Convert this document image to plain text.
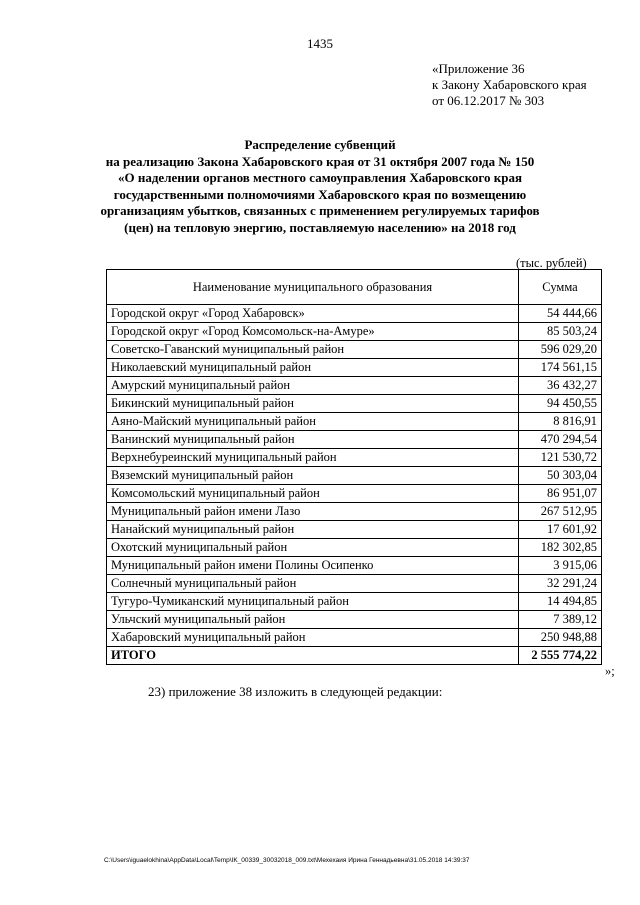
1435
«Приложение 36
к Закону Хабаровского края
от 06.12.2017 № 303
Распределение субвенций
на реализацию Закона Хабаровского края от 31 октября 2007 года № 150
«О наделении органов местного самоуправления Хабаровского края
государственными полномочиями Хабаровского края по возмещению
организациям убытков, связанных с применением регулируемых тарифов
(цен) на тепловую энергию, поставляемую населению» на 2018 год
(тыс. рублей)
Наименование муниципального образования	Сумма
Городской округ «Город Хабаровск»	54 444,66
Городской округ «Город Комсомольск-на-Амуре»	85 503,24
Советско-Гаванский муниципальный район	596 029,20
Николаевский муниципальный район	174 561,15
Амурский муниципальный район	36 432,27
Бикинский муниципальный район	94 450,55
Аяно-Майский муниципальный район	8 816,91
Ванинский муниципальный район	470 294,54
Верхнебуреинский муниципальный район	121 530,72
Вяземский муниципальный район	50 303,04
Комсомольский муниципальный район	86 951,07
Муниципальный район имени Лазо	267 512,95
Нанайский муниципальный район	17 601,92
Охотский муниципальный район	182 302,85
Муниципальный район имени Полины Осипенко	3 915,06
Солнечный муниципальный район	32 291,24
Тугуро-Чумиканский муниципальный район	14 494,85
Ульчский муниципальный район	7 389,12
Хабаровский муниципальный район	250 948,88
ИТОГО	2 555 774,22
»;
23) приложение 38 изложить в следующей редакции:
C:\Users\iguaelokhina\AppData\Local\Temp\IK_00339_30032018_009.txt\Мехехаия Ирина Геннадьевна\31.05.2018 14:39:37
